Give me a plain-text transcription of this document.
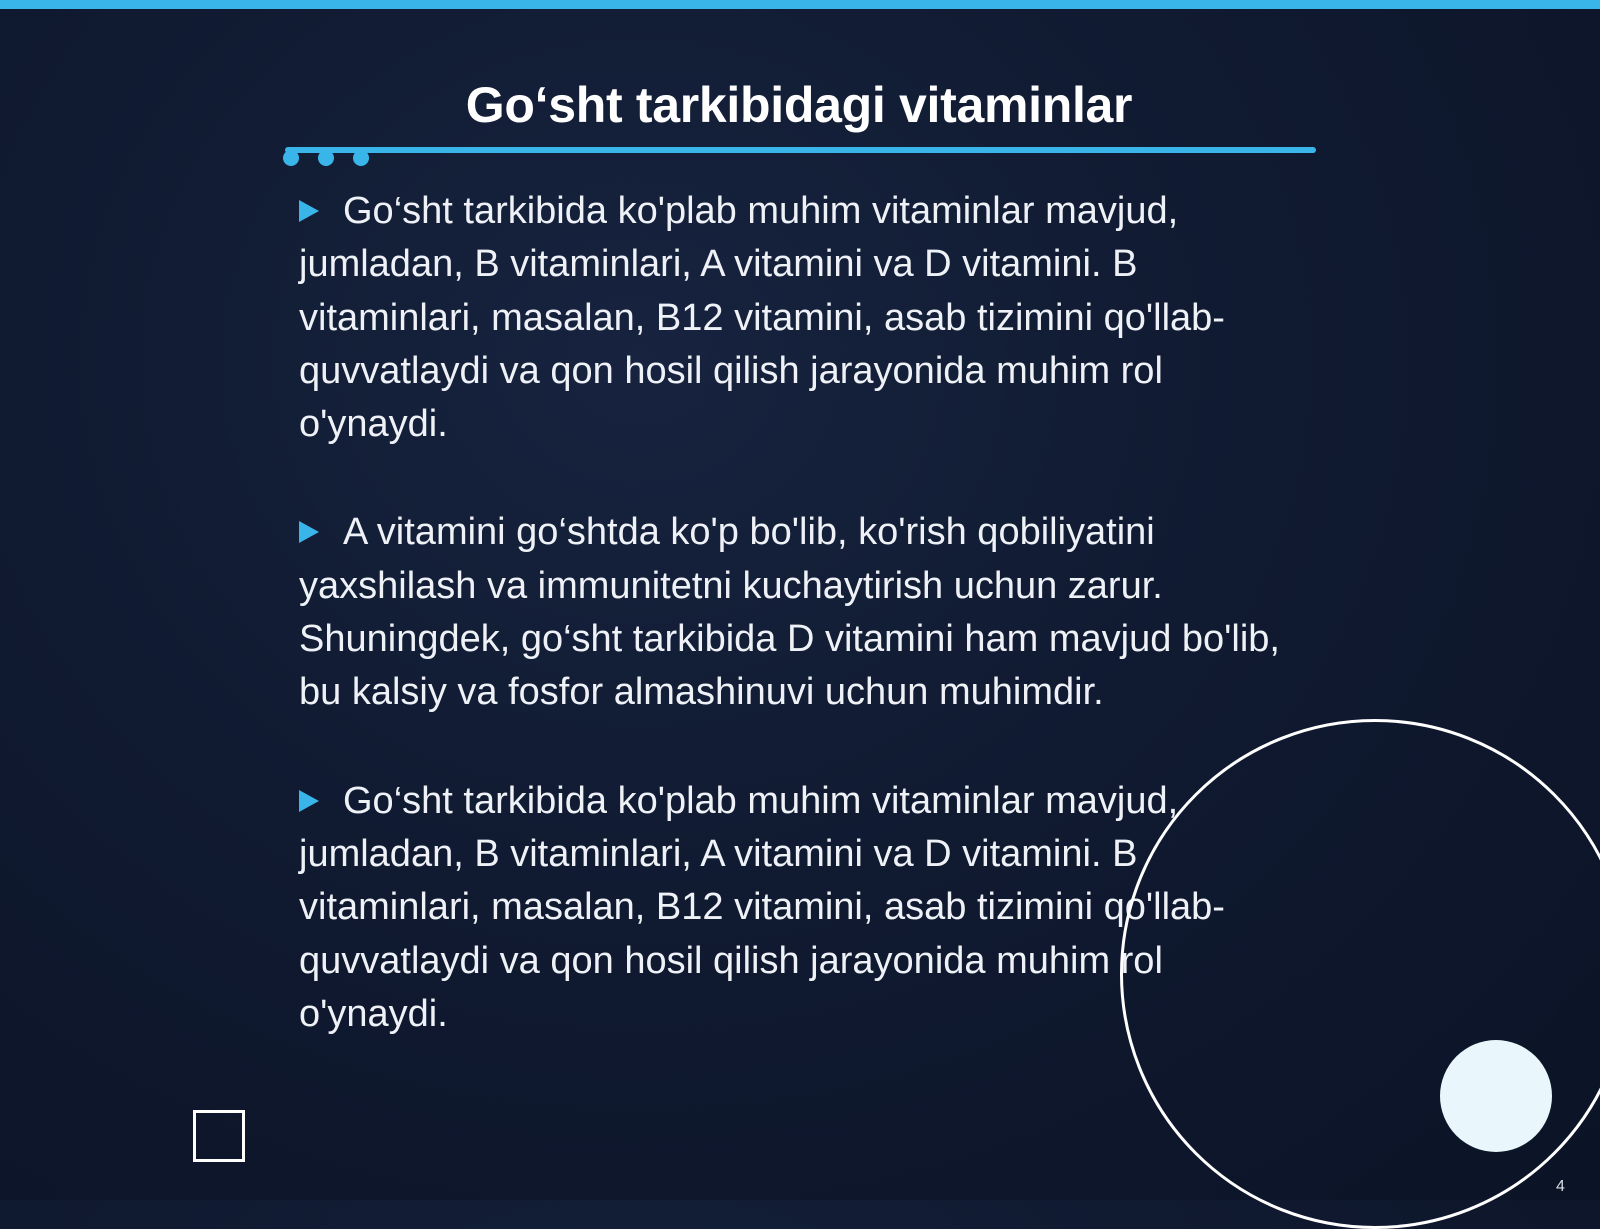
Go‘sht tarkibidagi vitaminlar

Go‘sht tarkibida ko'plab muhim vitaminlar mavjud, jumladan, B vitaminlari, A vitamini va D vitamini. B vitaminlari, masalan, B12 vitamini, asab tizimini qo'llab-quvvatlaydi va qon hosil qilish jarayonida muhim rol o'ynaydi.

A vitamini go‘shtda ko'p bo'lib, ko'rish qobiliyatini yaxshilash va immunitetni kuchaytirish uchun zarur. Shuningdek, go‘sht tarkibida D vitamini ham mavjud bo'lib, bu kalsiy va fosfor almashinuvi uchun muhimdir.

Go‘sht tarkibida ko'plab muhim vitaminlar mavjud, jumladan, B vitaminlari, A vitamini va D vitamini. B vitaminlari, masalan, B12 vitamini, asab tizimini qo'llab-quvvatlaydi va qon hosil qilish jarayonida muhim rol o'ynaydi.

4
